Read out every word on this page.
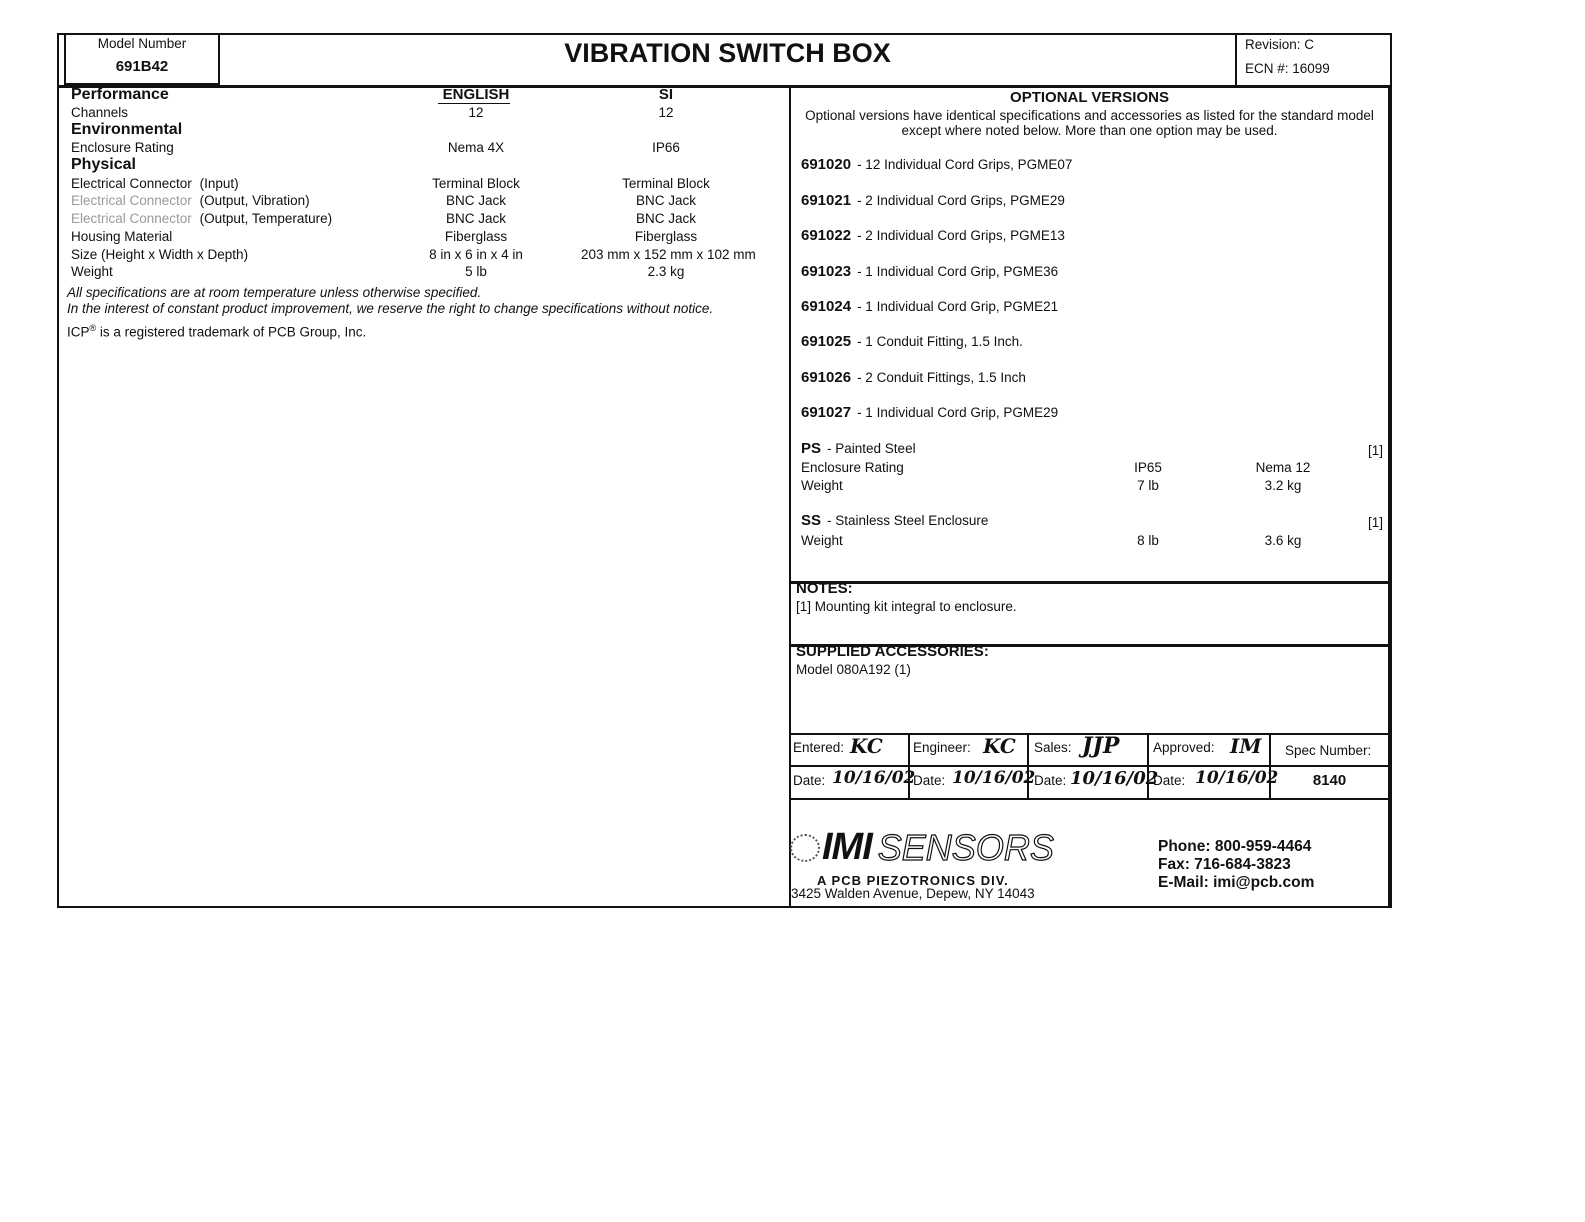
Model Number
691B42	VIBRATION SWITCH BOX	Revision: C
ECN #: 16099
Performance	ENGLISH	SI
Channels	12	12
Environmental
Enclosure Rating	Nema 4X	IP66
Physical
Electrical Connector (Input)	Terminal Block	Terminal Block
Electrical Connector (Output, Vibration)	BNC Jack	BNC Jack
Electrical Connector (Output, Temperature)	BNC Jack	BNC Jack
Housing Material	Fiberglass	Fiberglass
Size (Height x Width x Depth)	8 in x 6 in x 4 in	203 mm x 152 mm x 102 mm
Weight	5 lb	2.3 kg
All specifications are at room temperature unless otherwise specified.
In the interest of constant product improvement, we reserve the right to change specifications without notice.
ICP® is a registered trademark of PCB Group, Inc.
OPTIONAL VERSIONS
Optional versions have identical specifications and accessories as listed for the standard model
except where noted below. More than one option may be used.
691020 - 12 Individual Cord Grips, PGME07
691021 - 2 Individual Cord Grips, PGME29
691022 - 2 Individual Cord Grips, PGME13
691023 - 1 Individual Cord Grip, PGME36
691024 - 1 Individual Cord Grip, PGME21
691025 - 1 Conduit Fitting, 1.5 Inch.
691026 - 2 Conduit Fittings, 1.5 Inch
691027 - 1 Individual Cord Grip, PGME29
PS - Painted Steel	[1]
Enclosure Rating	IP65	Nema 12
Weight	7 lb	3.2 kg
SS - Stainless Steel Enclosure	[1]
Weight	8 lb	3.6 kg
NOTES:
[1] Mounting kit integral to enclosure.
SUPPLIED ACCESSORIES:
Model 080A192 (1)
Entered: KC Engineer: KC Sales: JJP Approved: IM Spec Number:
Date: 10/16/02
Date: 10/16/02
Date: 10/16/02
Date: 10/16/02	8140
IMI SENSORS
A PCB PIEZOTRONICS DIV.
3425 Walden Avenue, Depew, NY 14043
Phone: 800-959-4464
Fax: 716-684-3823
E-Mail: imi@pcb.com
